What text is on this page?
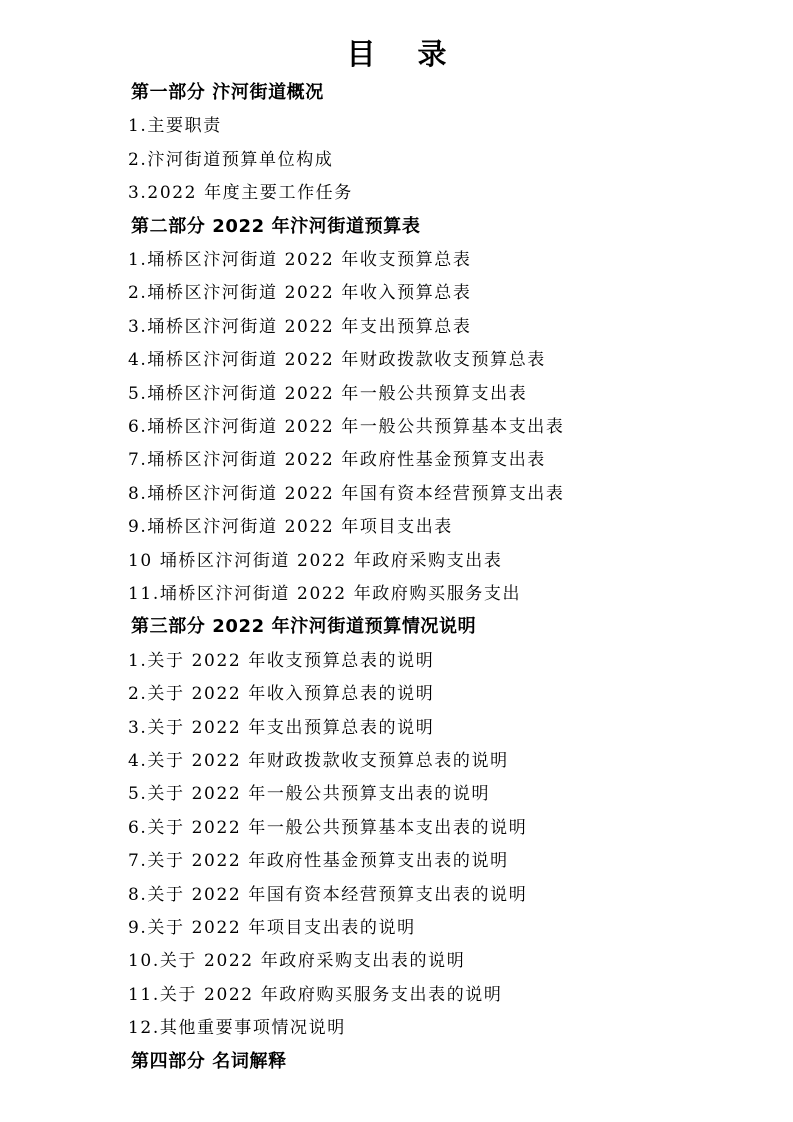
目 录
第一部分 汴河街道概况
1.主要职责
2.汴河街道预算单位构成
3.2022 年度主要工作任务
第二部分 2022 年汴河街道预算表
1.埇桥区汴河街道 2022 年收支预算总表
2.埇桥区汴河街道 2022 年收入预算总表
3.埇桥区汴河街道 2022 年支出预算总表
4.埇桥区汴河街道 2022 年财政拨款收支预算总表
5.埇桥区汴河街道 2022 年一般公共预算支出表
6.埇桥区汴河街道 2022 年一般公共预算基本支出表
7.埇桥区汴河街道 2022 年政府性基金预算支出表
8.埇桥区汴河街道 2022 年国有资本经营预算支出表
9.埇桥区汴河街道 2022 年项目支出表
10 埇桥区汴河街道 2022 年政府采购支出表
11.埇桥区汴河街道 2022 年政府购买服务支出
第三部分 2022 年汴河街道预算情况说明
1.关于 2022 年收支预算总表的说明
2.关于 2022 年收入预算总表的说明
3.关于 2022 年支出预算总表的说明
4.关于 2022 年财政拨款收支预算总表的说明
5.关于 2022 年一般公共预算支出表的说明
6.关于 2022 年一般公共预算基本支出表的说明
7.关于 2022 年政府性基金预算支出表的说明
8.关于 2022 年国有资本经营预算支出表的说明
9.关于 2022 年项目支出表的说明
10.关于 2022 年政府采购支出表的说明
11.关于 2022 年政府购买服务支出表的说明
12.其他重要事项情况说明
第四部分 名词解释
